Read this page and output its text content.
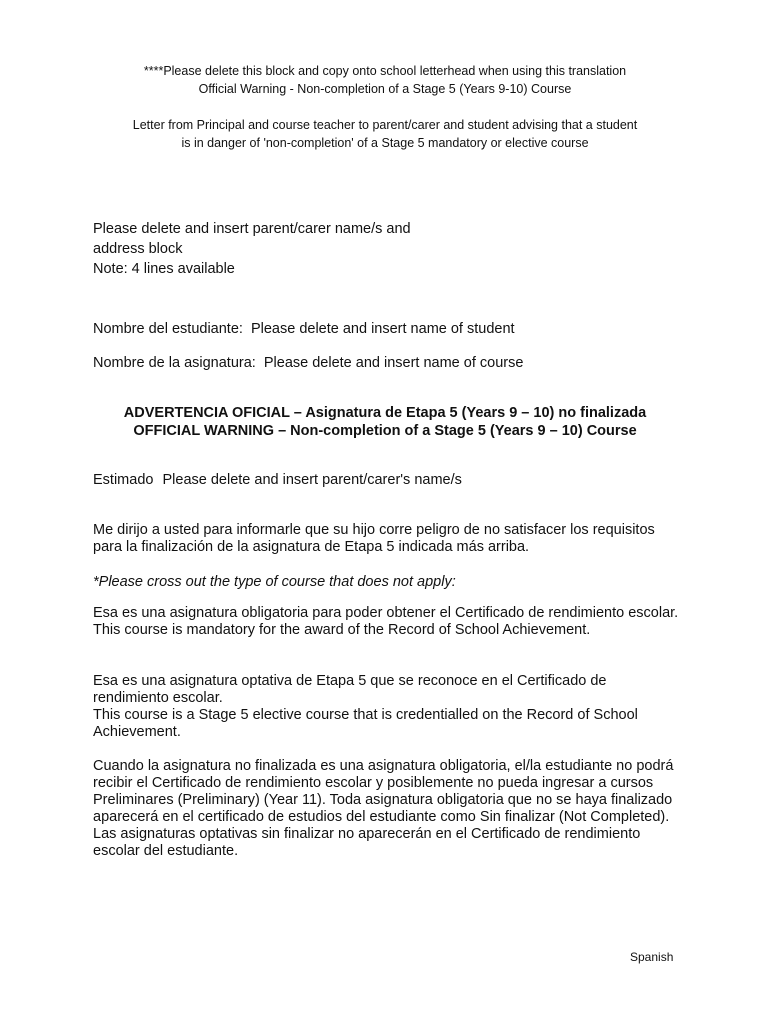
****Please delete this block and copy onto school letterhead when using this translation
Official Warning - Non-completion of a Stage 5 (Years 9-10) Course
Letter from Principal and course teacher to parent/carer and student advising that a student
is in danger of 'non-completion' of a Stage 5 mandatory or elective course
Please delete and insert parent/carer name/s and
address block
Note: 4 lines available
Nombre del estudiante: Please delete and insert name of student
Nombre de la asignatura: Please delete and insert name of course
ADVERTENCIA OFICIAL – Asignatura de Etapa 5 (Years 9 – 10) no finalizada
OFFICIAL WARNING – Non-completion of a Stage 5 (Years 9 – 10) Course
Estimado Please delete and insert parent/carer's name/s
Me dirijo a usted para informarle que su hijo corre peligro de no satisfacer los requisitos para la finalización de la asignatura de Etapa 5 indicada más arriba.
*Please cross out the type of course that does not apply:
Esa es una asignatura obligatoria para poder obtener el Certificado de rendimiento escolar.
This course is mandatory for the award of the Record of School Achievement.
Esa es una asignatura optativa de Etapa 5 que se reconoce en el Certificado de rendimiento escolar.
This course is a Stage 5 elective course that is credentialled on the Record of School Achievement.
Cuando la asignatura no finalizada es una asignatura obligatoria, el/la estudiante no podrá recibir el Certificado de rendimiento escolar y posiblemente no pueda ingresar a cursos Preliminares (Preliminary) (Year 11). Toda asignatura obligatoria que no se haya finalizado aparecerá en el certificado de estudios del estudiante como Sin finalizar (Not Completed). Las asignaturas optativas sin finalizar no aparecerán en el Certificado de rendimiento escolar del estudiante.
Spanish
